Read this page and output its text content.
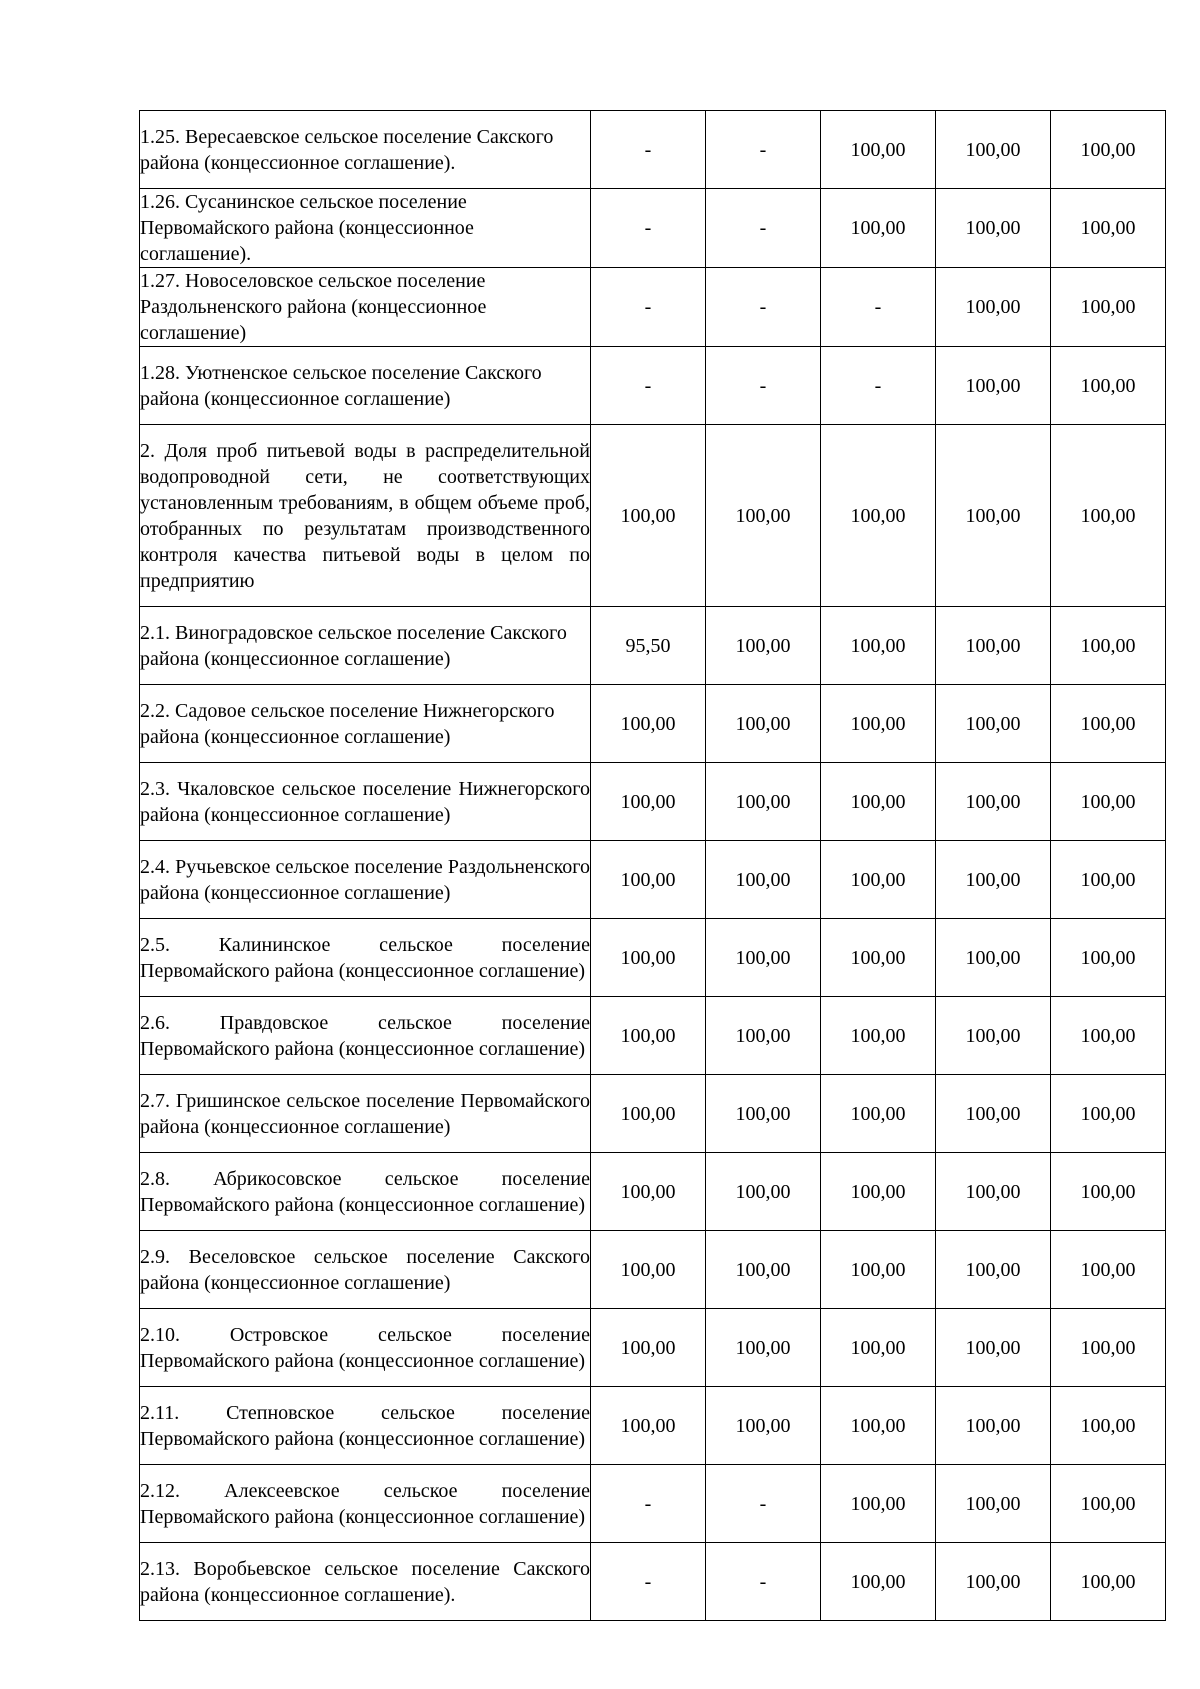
1.25. Вересаевское сельское поселение Сакского района (концессионное соглашение).	-	-	100,00	100,00	100,00
1.26. Сусанинское сельское поселение Первомайского района (концессионное соглашение).	-	-	100,00	100,00	100,00
1.27. Новоселовское сельское поселение Раздольненского района (концессионное соглашение)	-	-	-	100,00	100,00
1.28. Уютненское сельское поселение Сакского района (концессионное соглашение)	-	-	-	100,00	100,00
2. Доля проб питьевой воды в распределительной водопроводной сети, не соответствующих установленным требованиям, в общем объеме проб, отобранных по результатам производственного контроля качества питьевой воды в целом по предприятию	100,00	100,00	100,00	100,00	100,00
2.1. Виноградовское сельское поселение Сакского района (концессионное соглашение)	95,50	100,00	100,00	100,00	100,00
2.2. Садовое сельское поселение Нижнегорского района (концессионное соглашение)	100,00	100,00	100,00	100,00	100,00
2.3. Чкаловское сельское поселение Нижнегорского района (концессионное соглашение)	100,00	100,00	100,00	100,00	100,00
2.4. Ручьевское сельское поселение Раздольненского района (концессионное соглашение)	100,00	100,00	100,00	100,00	100,00
2.5. Калининское сельское поселение Первомайского района (концессионное соглашение)	100,00	100,00	100,00	100,00	100,00
2.6. Правдовское сельское поселение Первомайского района (концессионное соглашение)	100,00	100,00	100,00	100,00	100,00
2.7. Гришинское сельское поселение Первомайского района (концессионное соглашение)	100,00	100,00	100,00	100,00	100,00
2.8. Абрикосовское сельское поселение Первомайского района (концессионное соглашение)	100,00	100,00	100,00	100,00	100,00
2.9. Веселовское сельское поселение Сакского района (концессионное соглашение)	100,00	100,00	100,00	100,00	100,00
2.10. Островское сельское поселение Первомайского района (концессионное соглашение)	100,00	100,00	100,00	100,00	100,00
2.11. Степновское сельское поселение Первомайского района (концессионное соглашение)	100,00	100,00	100,00	100,00	100,00
2.12. Алексеевское сельское поселение Первомайского района (концессионное соглашение)	-	-	100,00	100,00	100,00
2.13. Воробьевское сельское поселение Сакского района (концессионное соглашение).	-	-	100,00	100,00	100,00
